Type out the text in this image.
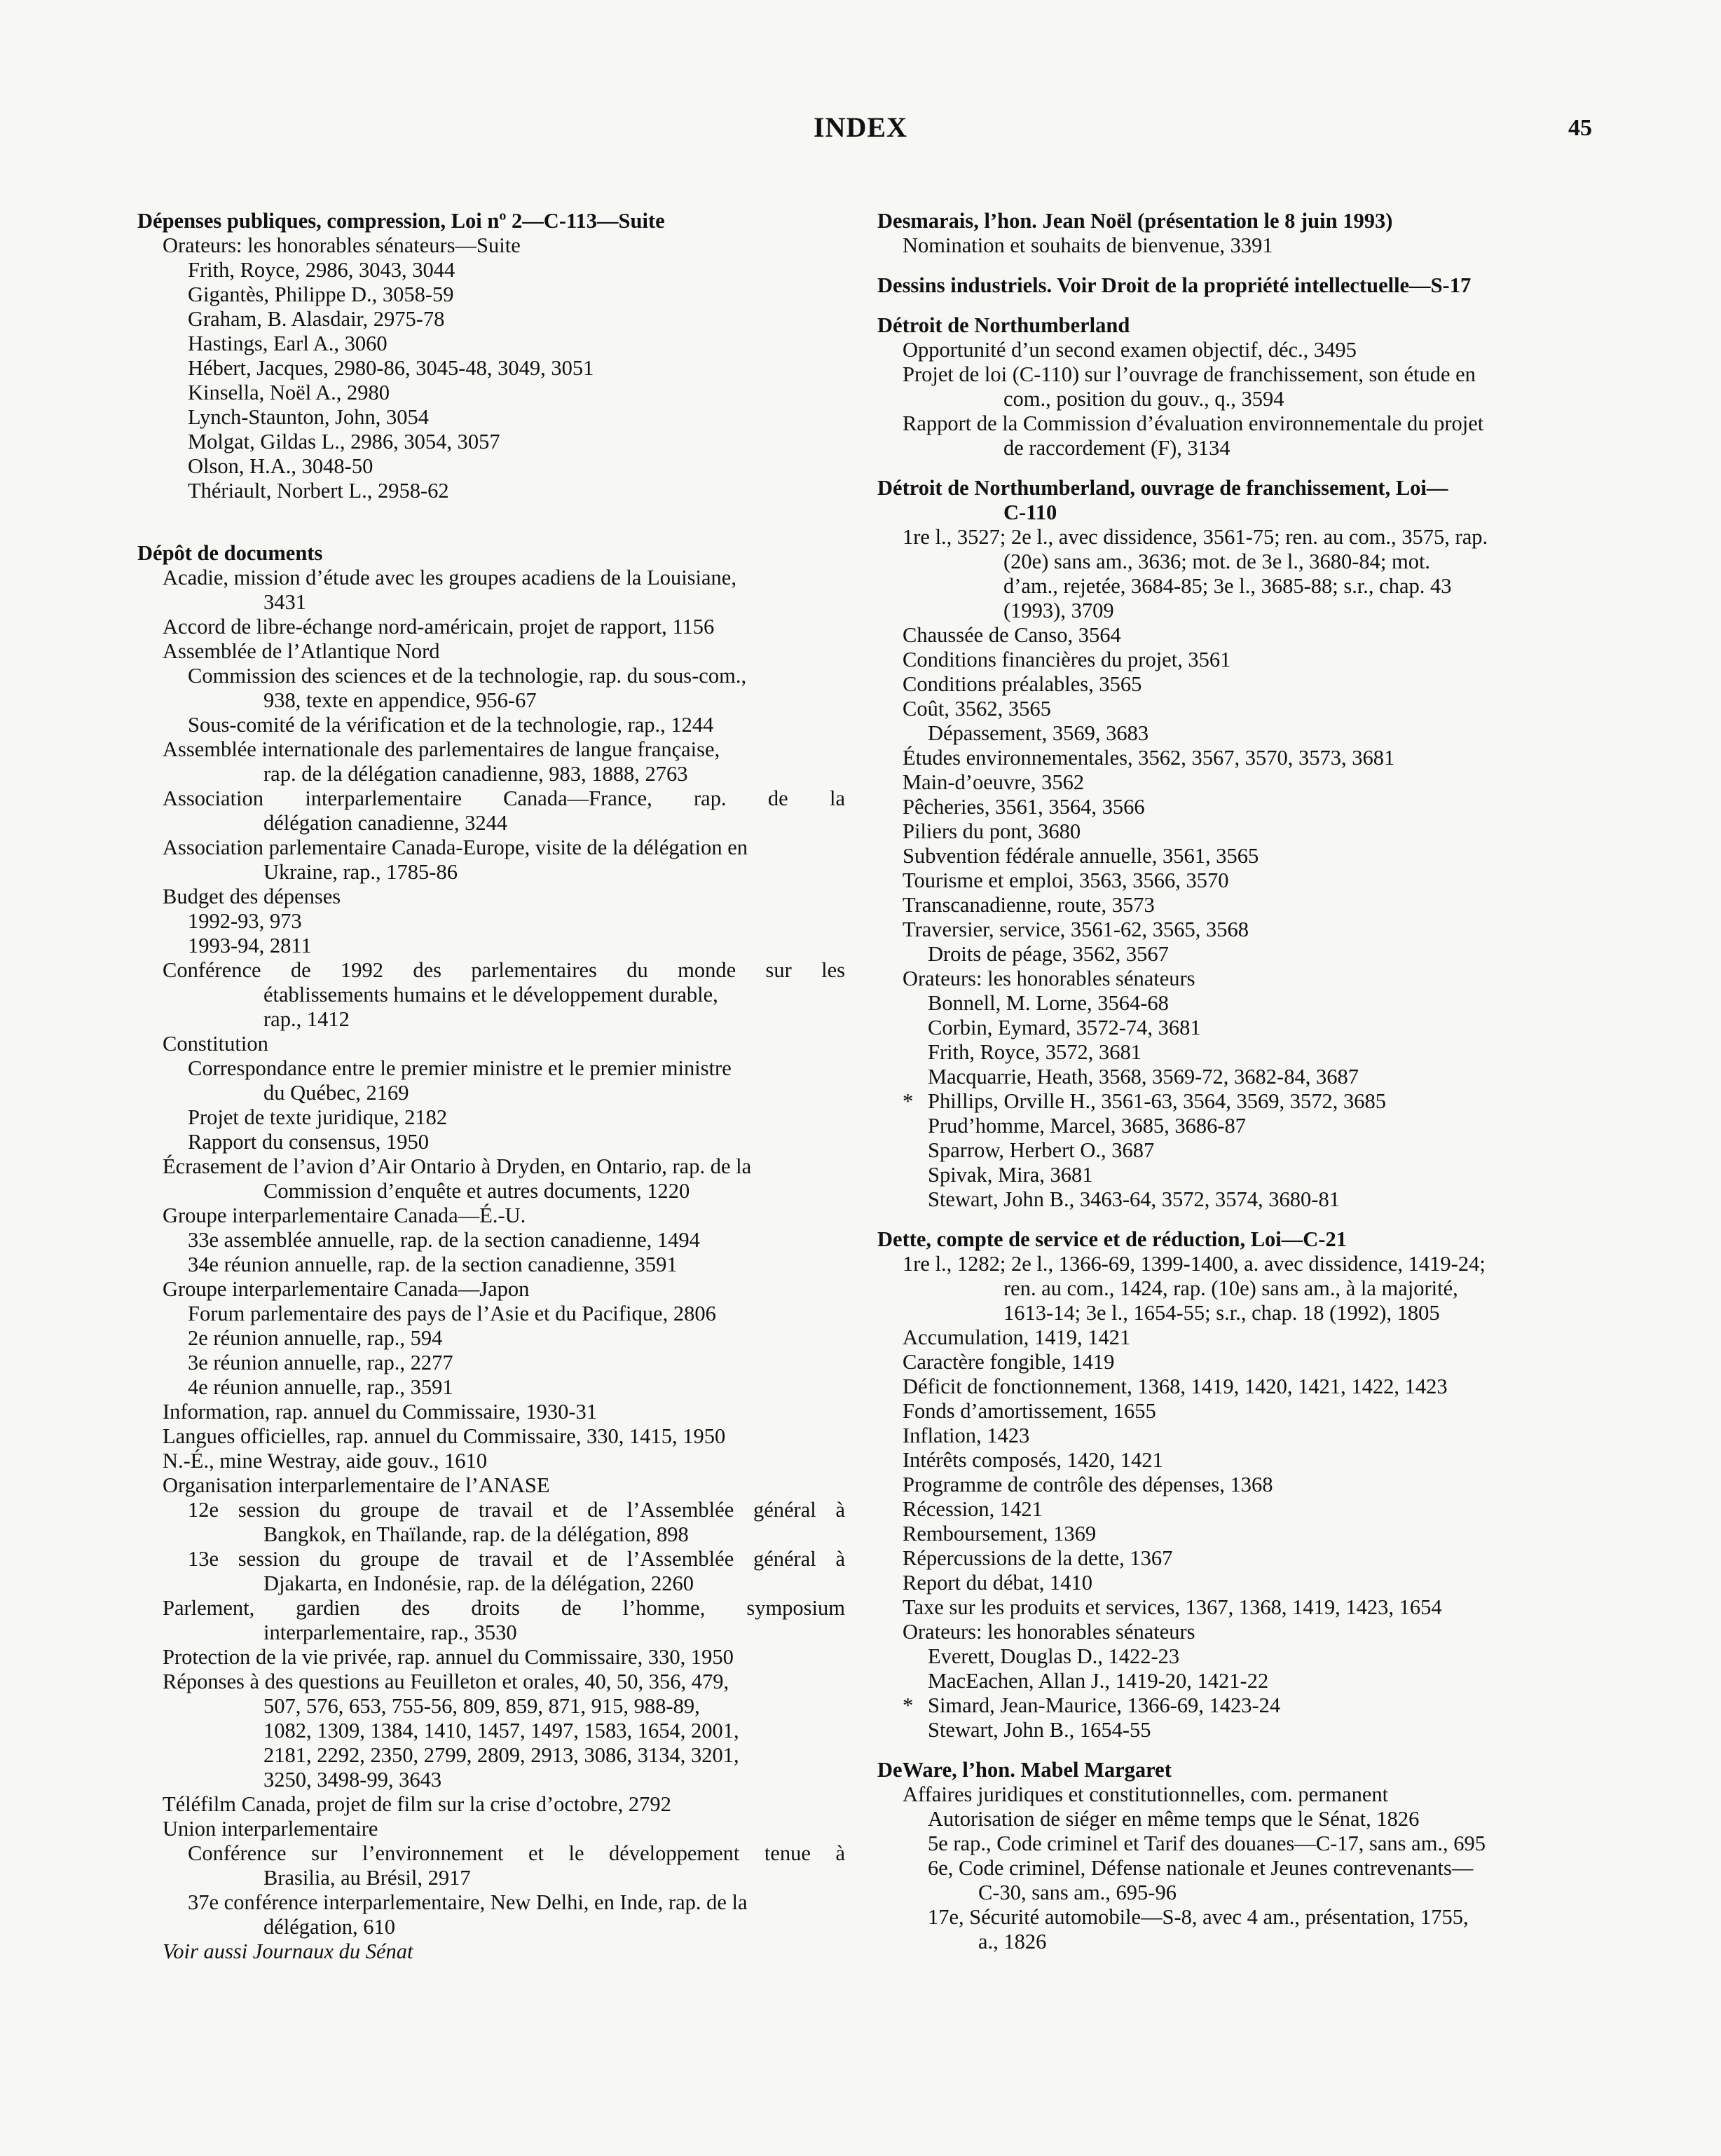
INDEX	45
Dépenses publiques, compression, Loi nº 2—C-113—Suite
Orateurs: les honorables sénateurs—Suite
Frith, Royce, 2986, 3043, 3044
Gigantès, Philippe D., 3058-59
Graham, B. Alasdair, 2975-78
Hastings, Earl A., 3060
Hébert, Jacques, 2980-86, 3045-48, 3049, 3051
Kinsella, Noël A., 2980
Lynch-Staunton, John, 3054
Molgat, Gildas L., 2986, 3054, 3057
Olson, H.A., 3048-50
Thériault, Norbert L., 2958-62
Dépôt de documents
Acadie, mission d’étude avec les groupes acadiens de la Louisiane,
3431
Accord de libre-échange nord-américain, projet de rapport, 1156
Assemblée de l’Atlantique Nord
Commission des sciences et de la technologie, rap. du sous-com.,
938, texte en appendice, 956-67
Sous-comité de la vérification et de la technologie, rap., 1244
Assemblée internationale des parlementaires de langue française,
rap. de la délégation canadienne, 983, 1888, 2763
Association interparlementaire Canada—France, rap. de la
délégation canadienne, 3244
Association parlementaire Canada-Europe, visite de la délégation en
Ukraine, rap., 1785-86
Budget des dépenses
1992-93, 973
1993-94, 2811
Conférence de 1992 des parlementaires du monde sur les
établissements humains et le développement durable,
rap., 1412
Constitution
Correspondance entre le premier ministre et le premier ministre
du Québec, 2169
Projet de texte juridique, 2182
Rapport du consensus, 1950
Écrasement de l’avion d’Air Ontario à Dryden, en Ontario, rap. de la
Commission d’enquête et autres documents, 1220
Groupe interparlementaire Canada—É.-U.
33e assemblée annuelle, rap. de la section canadienne, 1494
34e réunion annuelle, rap. de la section canadienne, 3591
Groupe interparlementaire Canada—Japon
Forum parlementaire des pays de l’Asie et du Pacifique, 2806
2e réunion annuelle, rap., 594
3e réunion annuelle, rap., 2277
4e réunion annuelle, rap., 3591
Information, rap. annuel du Commissaire, 1930-31
Langues officielles, rap. annuel du Commissaire, 330, 1415, 1950
N.-É., mine Westray, aide gouv., 1610
Organisation interparlementaire de l’ANASE
12e session du groupe de travail et de l’Assemblée général à
Bangkok, en Thaïlande, rap. de la délégation, 898
13e session du groupe de travail et de l’Assemblée général à
Djakarta, en Indonésie, rap. de la délégation, 2260
Parlement, gardien des droits de l’homme, symposium
interparlementaire, rap., 3530
Protection de la vie privée, rap. annuel du Commissaire, 330, 1950
Réponses à des questions au Feuilleton et orales, 40, 50, 356, 479,
507, 576, 653, 755-56, 809, 859, 871, 915, 988-89,
1082, 1309, 1384, 1410, 1457, 1497, 1583, 1654, 2001,
2181, 2292, 2350, 2799, 2809, 2913, 3086, 3134, 3201,
3250, 3498-99, 3643
Téléfilm Canada, projet de film sur la crise d’octobre, 2792
Union interparlementaire
Conférence sur l’environnement et le développement tenue à
Brasilia, au Brésil, 2917
37e conférence interparlementaire, New Delhi, en Inde, rap. de la
délégation, 610
Voir aussi Journaux du Sénat
Desmarais, l’hon. Jean Noël (présentation le 8 juin 1993)
Nomination et souhaits de bienvenue, 3391
Dessins industriels. Voir Droit de la propriété intellectuelle—S-17
Détroit de Northumberland
Opportunité d’un second examen objectif, déc., 3495
Projet de loi (C-110) sur l’ouvrage de franchissement, son étude en
com., position du gouv., q., 3594
Rapport de la Commission d’évaluation environnementale du projet
de raccordement (F), 3134
Détroit de Northumberland, ouvrage de franchissement, Loi—
C-110
1re l., 3527; 2e l., avec dissidence, 3561-75; ren. au com., 3575, rap.
(20e) sans am., 3636; mot. de 3e l., 3680-84; mot.
d’am., rejetée, 3684-85; 3e l., 3685-88; s.r., chap. 43
(1993), 3709
Chaussée de Canso, 3564
Conditions financières du projet, 3561
Conditions préalables, 3565
Coût, 3562, 3565
Dépassement, 3569, 3683
Études environnementales, 3562, 3567, 3570, 3573, 3681
Main-d’oeuvre, 3562
Pêcheries, 3561, 3564, 3566
Piliers du pont, 3680
Subvention fédérale annuelle, 3561, 3565
Tourisme et emploi, 3563, 3566, 3570
Transcanadienne, route, 3573
Traversier, service, 3561-62, 3565, 3568
Droits de péage, 3562, 3567
Orateurs: les honorables sénateurs
Bonnell, M. Lorne, 3564-68
Corbin, Eymard, 3572-74, 3681
Frith, Royce, 3572, 3681
Macquarrie, Heath, 3568, 3569-72, 3682-84, 3687
* Phillips, Orville H., 3561-63, 3564, 3569, 3572, 3685
Prud’homme, Marcel, 3685, 3686-87
Sparrow, Herbert O., 3687
Spivak, Mira, 3681
Stewart, John B., 3463-64, 3572, 3574, 3680-81
Dette, compte de service et de réduction, Loi—C-21
1re l., 1282; 2e l., 1366-69, 1399-1400, a. avec dissidence, 1419-24;
ren. au com., 1424, rap. (10e) sans am., à la majorité,
1613-14; 3e l., 1654-55; s.r., chap. 18 (1992), 1805
Accumulation, 1419, 1421
Caractère fongible, 1419
Déficit de fonctionnement, 1368, 1419, 1420, 1421, 1422, 1423
Fonds d’amortissement, 1655
Inflation, 1423
Intérêts composés, 1420, 1421
Programme de contrôle des dépenses, 1368
Récession, 1421
Remboursement, 1369
Répercussions de la dette, 1367
Report du débat, 1410
Taxe sur les produits et services, 1367, 1368, 1419, 1423, 1654
Orateurs: les honorables sénateurs
Everett, Douglas D., 1422-23
MacEachen, Allan J., 1419-20, 1421-22
* Simard, Jean-Maurice, 1366-69, 1423-24
Stewart, John B., 1654-55
DeWare, l’hon. Mabel Margaret
Affaires juridiques et constitutionnelles, com. permanent
Autorisation de siéger en même temps que le Sénat, 1826
5e rap., Code criminel et Tarif des douanes—C-17, sans am., 695
6e, Code criminel, Défense nationale et Jeunes contrevenants—
C-30, sans am., 695-96
17e, Sécurité automobile—S-8, avec 4 am., présentation, 1755,
a., 1826
